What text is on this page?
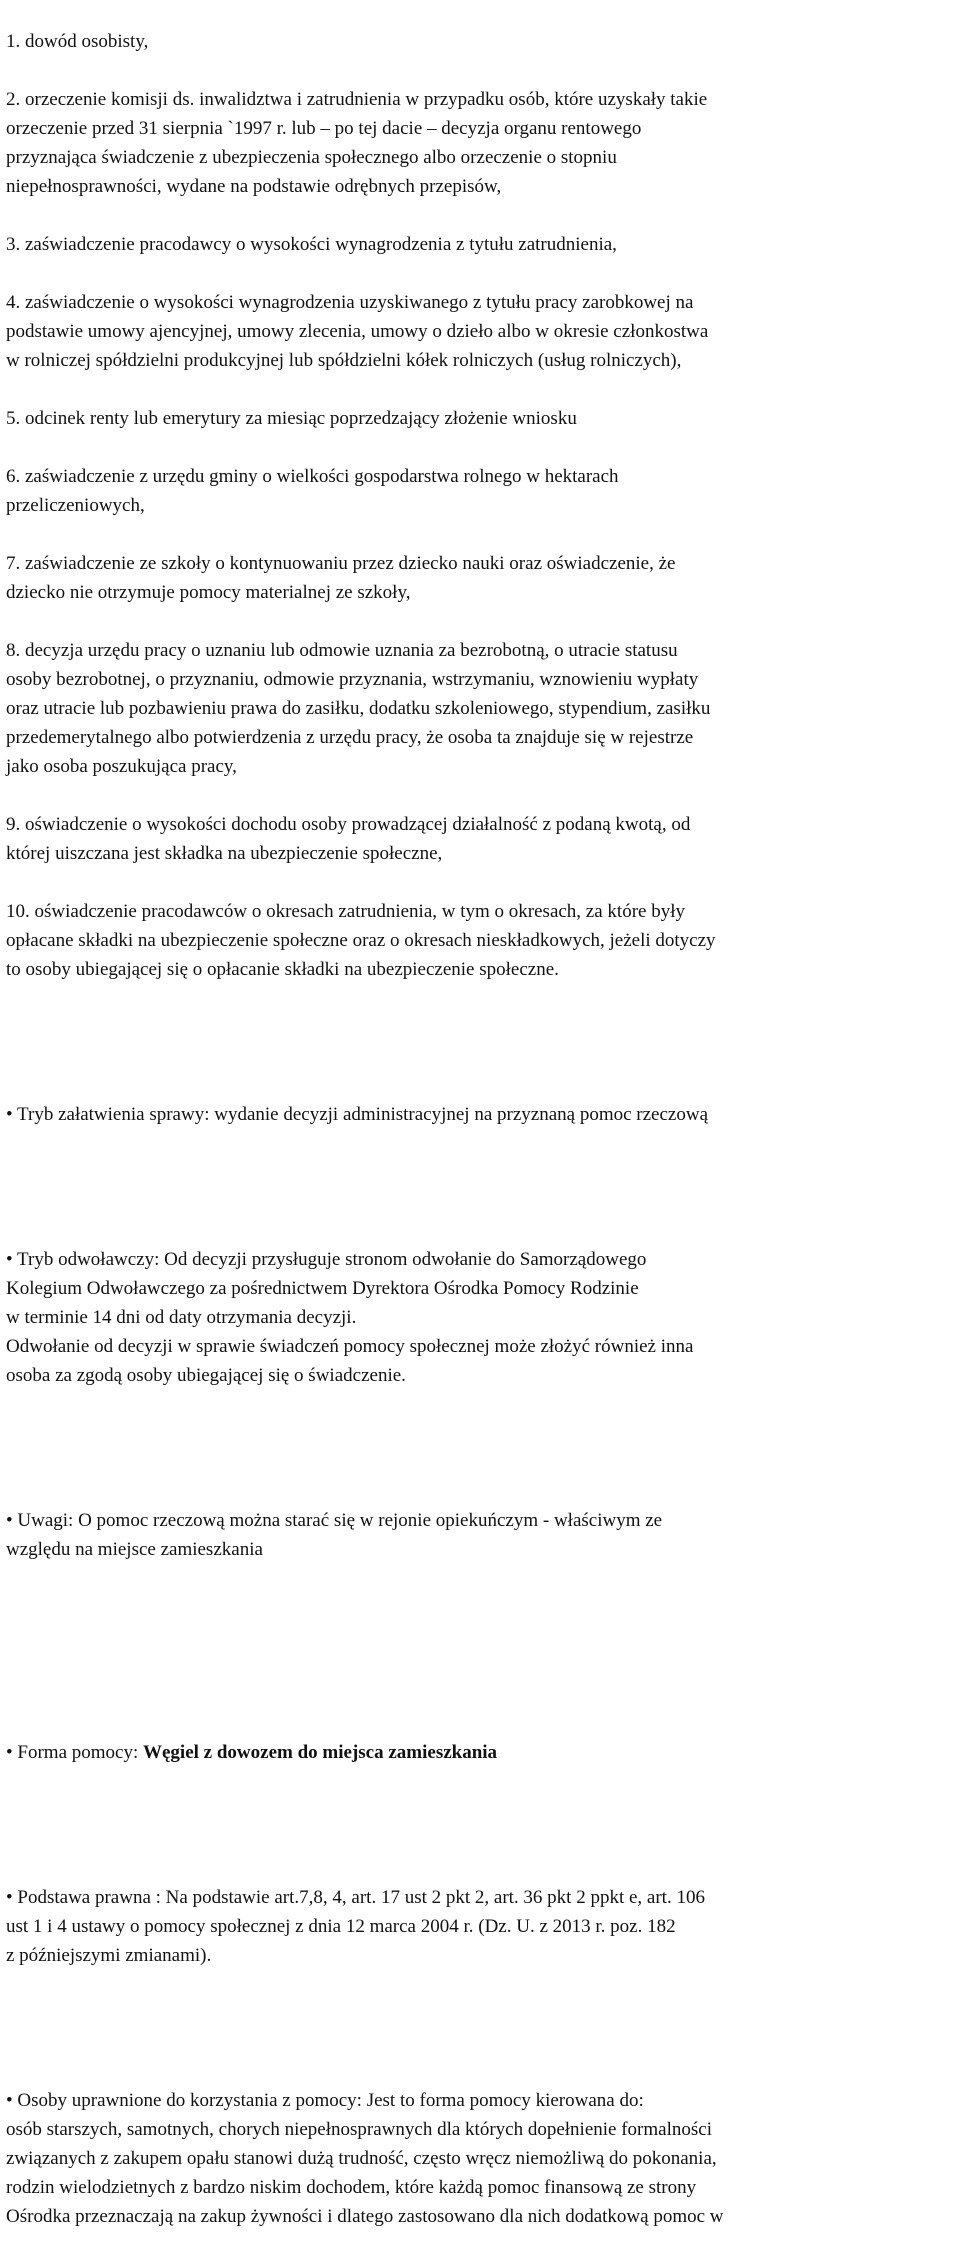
1. dowód osobisty,

2. orzeczenie komisji ds. inwalidztwa i zatrudnienia w przypadku osób, które uzyskały takie
orzeczenie przed 31 sierpnia `1997 r. lub – po tej dacie – decyzja organu rentowego
przyznająca świadczenie z ubezpieczenia społecznego albo orzeczenie o stopniu
niepełnosprawności, wydane na podstawie odrębnych przepisów,

3. zaświadczenie pracodawcy o wysokości wynagrodzenia z tytułu zatrudnienia,

4. zaświadczenie o wysokości wynagrodzenia uzyskiwanego z tytułu pracy zarobkowej na
podstawie umowy ajencyjnej, umowy zlecenia, umowy o dzieło albo w okresie członkostwa
w rolniczej spółdzielni produkcyjnej lub spółdzielni kółek rolniczych (usług rolniczych),

5. odcinek renty lub emerytury za miesiąc poprzedzający złożenie wniosku

6. zaświadczenie z urzędu gminy o wielkości gospodarstwa rolnego w hektarach
przeliczeniowych,

7. zaświadczenie ze szkoły o kontynuowaniu przez dziecko nauki oraz oświadczenie, że
dziecko nie otrzymuje pomocy materialnej ze szkoły,

8. decyzja urzędu pracy o uznaniu lub odmowie uznania za bezrobotną, o utracie statusu
osoby bezrobotnej, o przyznaniu, odmowie przyznania, wstrzymaniu, wznowieniu wypłaty
oraz utracie lub pozbawieniu prawa do zasiłku, dodatku szkoleniowego, stypendium, zasiłku
przedemerytalnego albo potwierdzenia z urzędu pracy, że osoba ta znajduje się w rejestrze
jako osoba poszukująca pracy,

9. oświadczenie o wysokości dochodu osoby prowadzącej działalność z podaną kwotą, od
której uiszczana jest składka na ubezpieczenie społeczne,

10. oświadczenie pracodawców o okresach zatrudnienia, w tym o okresach, za które były
opłacane składki na ubezpieczenie społeczne oraz o okresach nieskładkowych, jeżeli dotyczy
to osoby ubiegającej się o opłacanie składki na ubezpieczenie społeczne.

• Tryb załatwienia sprawy: wydanie decyzji administracyjnej na przyznaną pomoc rzeczową

• Tryb odwoławczy: Od decyzji przysługuje stronom odwołanie do Samorządowego
Kolegium Odwoławczego za pośrednictwem Dyrektora Ośrodka Pomocy Rodzinie
w terminie 14 dni od daty otrzymania decyzji.
Odwołanie od decyzji w sprawie świadczeń pomocy społecznej może złożyć również inna
osoba za zgodą osoby ubiegającej się o świadczenie.

• Uwagi: O pomoc rzeczową można starać się w rejonie opiekuńczym - właściwym ze
względu na miejsce zamieszkania

• Forma pomocy: Węgiel z dowozem do miejsca zamieszkania

• Podstawa prawna : Na podstawie art.7,8, 4, art. 17 ust 2 pkt 2, art. 36 pkt 2 ppkt e, art. 106
ust 1 i 4 ustawy o pomocy społecznej z dnia 12 marca 2004 r. (Dz. U. z 2013 r. poz. 182
z późniejszymi zmianami).

• Osoby uprawnione do korzystania z pomocy: Jest to forma pomocy kierowana do:
osób starszych, samotnych, chorych niepełnosprawnych dla których dopełnienie formalności
związanych z zakupem opału stanowi dużą trudność, często wręcz niemożliwą do pokonania,
rodzin wielodzietnych z bardzo niskim dochodem, które każdą pomoc finansową ze strony
Ośrodka przeznaczają na zakup żywności i dlatego zastosowano dla nich dodatkową pomoc w
